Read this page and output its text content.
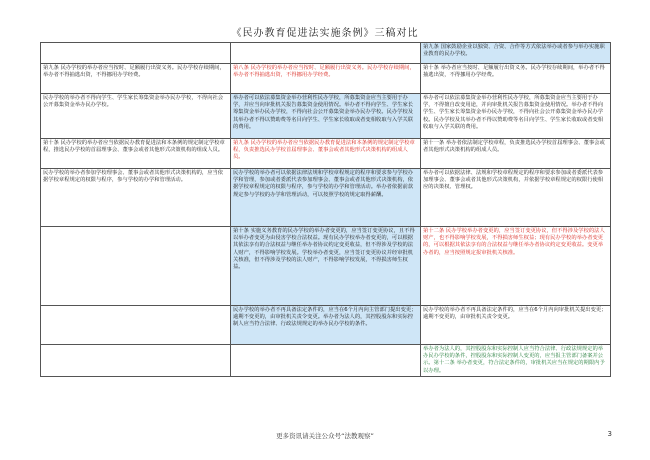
《民办教育促进法实施条例》三稿对比
		第九条 国家鼓励企业以独资、合资、合作等方式依法举办或者参与举办实施职业教育的民办学校。
第九条 民办学校的举办者应当按时、足额履行出资义务。民办学校存续期间，举办者不得抽逃出资，不得挪用办学经费。	第八条 民办学校的举办者应当按时、足额履行出资义务。民办学校存续期间，举办者不得抽逃出资，不得挪用办学经费。	第十条 举办者应当按时、足额履行出资义务。民办学校存续期间，举办者不得抽逃出资，不得挪用办学经费。
民办学校的举办者不得向学生、学生家长筹集资金举办民办学校，不得向社会公开募集资金举办民办学校。	举办者可以依法募集资金举办营利性民办学校，所募集资金应当主要用于办学，并应当向审批机关报告募集资金使用情况。举办者不得向学生、学生家长筹集资金举办民办学校，不得向社会公开募集资金举办民办学校。民办学校及其举办者不得以赞助费等名目向学生、学生家长收取或者变相收取与入学关联的费用。	举办者可以依法募集资金举办营利性民办学校，所募集资金应当主要用于办学，不得擅自改变用途，并向审批机关报告募集资金使用情况。举办者不得向学生、学生家长筹集资金举办民办学校，不得向社会公开募集资金举办民办学校。民办学校及其举办者不得以赞助费等名目向学生、学生家长收取或者变相收取与入学关联的费用。
第十条 民办学校的举办者应当依据民办教育促进法和本条例的规定制定学校章程，推选民办学校的首届理事会、董事会或者其他形式决策机构的组成人员。	第九条 民办学校的举办者应当依据民办教育促进法和本条例的规定制定学校章程，负责推选民办学校首届理事会、董事会或者其他形式决策机构的组成人员。	第十一条 举办者依法制定学校章程，负责推选民办学校首届理事会、董事会或者其他形式决策机构的组成人员。
民办学校的举办者参加学校理事会、董事会或者其他形式决策机构的，应当依据学校章程规定的权限与程序，参与学校的办学和管理活动。	民办学校的举办者可以依据法律法规和学校章程规定的程序和要求参与学校办学和管理，参加或者委派代表参加理事会、董事会或者其他形式决策机构，依据学校章程规定的权限与程序，参与学校的办学和管理活动。举办者依据前款规定参与学校的办学和管理活动，可以按照学校的规定取得薪酬。	举办者可以依据法律、法规和学校章程规定的程序和要求参加或者委派代表参加理事会、董事会或者其他形式决策机构，并依据学校章程规定的权限行使相应的决策权、管理权。
	第十条 实施义务教育的民办学校的举办者变更的，应当签订变更协议，且不得以举办者变更为由侵害学校合法权益。现有民办学校举办者变更的，可以根据其依法享有的合法权益与继任举办者协议约定变更收益，但不得涉及学校的法人财产，不得影响学校发展。学校举办者变更，应当签订变更协议并经审批机关核准，但不得涉及学校的法人财产，不得影响学校发展，不得损害师生权益。	第十二条 民办学校举办者变更的，应当签订变更协议，但不得涉及学校的法人财产，也不得影响学校发展，不得损害师生权益；现有民办学校的举办者变更的，可以根据其依法享有的合法权益与继任举办者协议约定变更收益。变更举办者的，应当按照规定报审批机关核准。
	民办学校的举办者不再具备法定条件的，应当在6个月内向主管部门提出变更；逾期不变更的，由审批机关责令变更。举办者为法人的，其控股股东和实际控制人应当符合法律、行政法规规定的举办民办学校的条件。	民办学校的举办者不再具备法定条件的，应当在6个月内向审批机关提出变更；逾期不变更的，由审批机关责令变更。
		举办者为法人的，其控股股东和实际控制人应当符合法律、行政法规规定的举办民办学校的条件，控股股东和实际控制人变更的，应当报主管部门备案并公示。第十二条 举办者变更，符合法定条件的，审批机关应当在规定的期限内予以办理。
更多资讯请关注公众号“法教观察”	3
